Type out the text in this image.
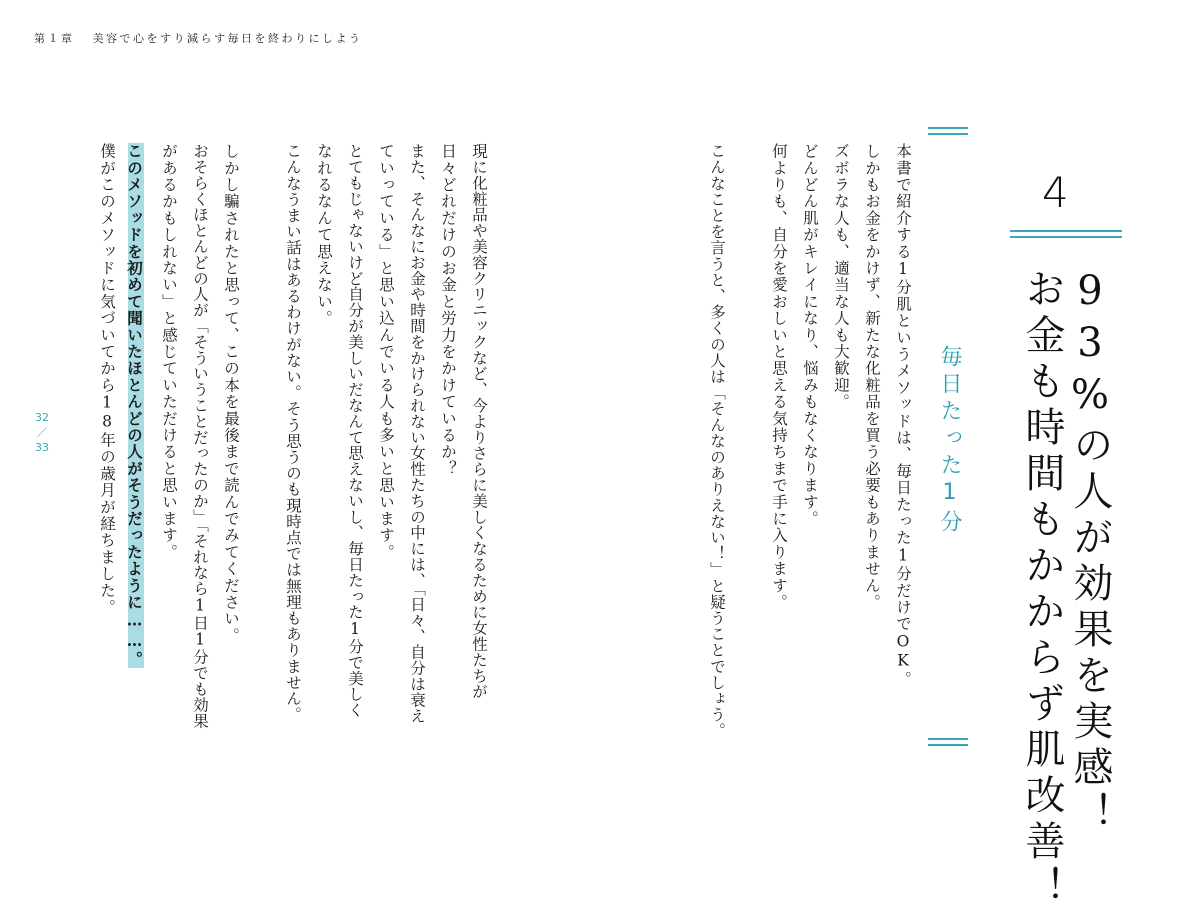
第１章 美容で心をすり減らす毎日を終わりにしよう
32
／
33
4
93%の人が効果を実感！
お金も時間もかからず肌改善！
毎日たった1分
本書で紹介する1分肌というメソッドは、毎日たった1分だけでOK。
しかもお金をかけず、新たな化粧品を買う必要もありません。
ズボラな人も、適当な人も大歓迎。
どんどん肌がキレイになり、悩みもなくなります。
何よりも、自分を愛おしいと思える気持ちまで手に入ります。
こんなことを言うと、多くの人は「そんなのありえない！」と疑うことでしょう。
現に化粧品や美容クリニックなど、今よりさらに美しくなるために女性たちが
日々どれだけのお金と労力をかけているか？
また、そんなにお金や時間をかけられない女性たちの中には、「日々、自分は衰え
ていっている」と思い込んでいる人も多いと思います。
とてもじゃないけど自分が美しいだなんて思えないし、毎日たった1分で美しく
なれるなんて思えない。
こんなうまい話はあるわけがない。そう思うのも現時点では無理もありません。
しかし騙されたと思って、この本を最後まで読んでみてください。
おそらくほとんどの人が「そういうことだったのか」「それなら1日1分でも効果
があるかもしれない」と感じていただけると思います。
このメソッドを初めて聞いたほとんどの人がそうだったように……。
僕がこのメソッドに気づいてから18年の歳月が経ちました。
